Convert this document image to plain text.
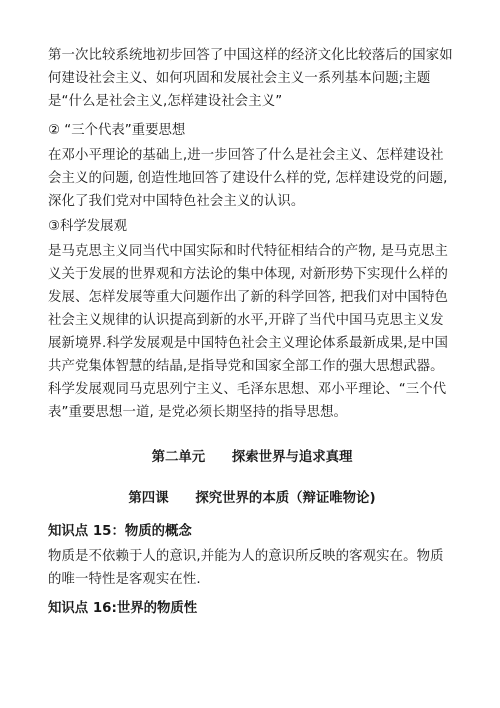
第一次比较系统地初步回答了中国这样的经济文化比较落后的国家如何建设社会主义、如何巩固和发展社会主义一系列基本问题;主题是“什么是社会主义,怎样建设社会主义”

② “三个代表”重要思想

在邓小平理论的基础上,进一步回答了什么是社会主义、怎样建设社会主义的问题, 创造性地回答了建设什么样的党, 怎样建设党的问题, 深化了我们党对中国特色社会主义的认识。

③科学发展观

是马克思主义同当代中国实际和时代特征相结合的产物, 是马克思主义关于发展的世界观和方法论的集中体现, 对新形势下实现什么样的发展、怎样发展等重大问题作出了新的科学回答, 把我们对中国特色社会主义规律的认识提高到新的水平,开辟了当代中国马克思主义发展新境界.科学发展观是中国特色社会主义理论体系最新成果,是中国共产党集体智慧的结晶,是指导党和国家全部工作的强大思想武器。科学发展观同马克思列宁主义、毛泽东思想、邓小平理论、“三个代表”重要思想一道, 是党必须长期坚持的指导思想。

第二单元　　探索世界与追求真理

第四课　　探究世界的本质（辩证唯物论)

知识点 15：物质的概念

物质是不依赖于人的意识,并能为人的意识所反映的客观实在。物质的唯一特性是客观实在性.

知识点 16:世界的物质性
